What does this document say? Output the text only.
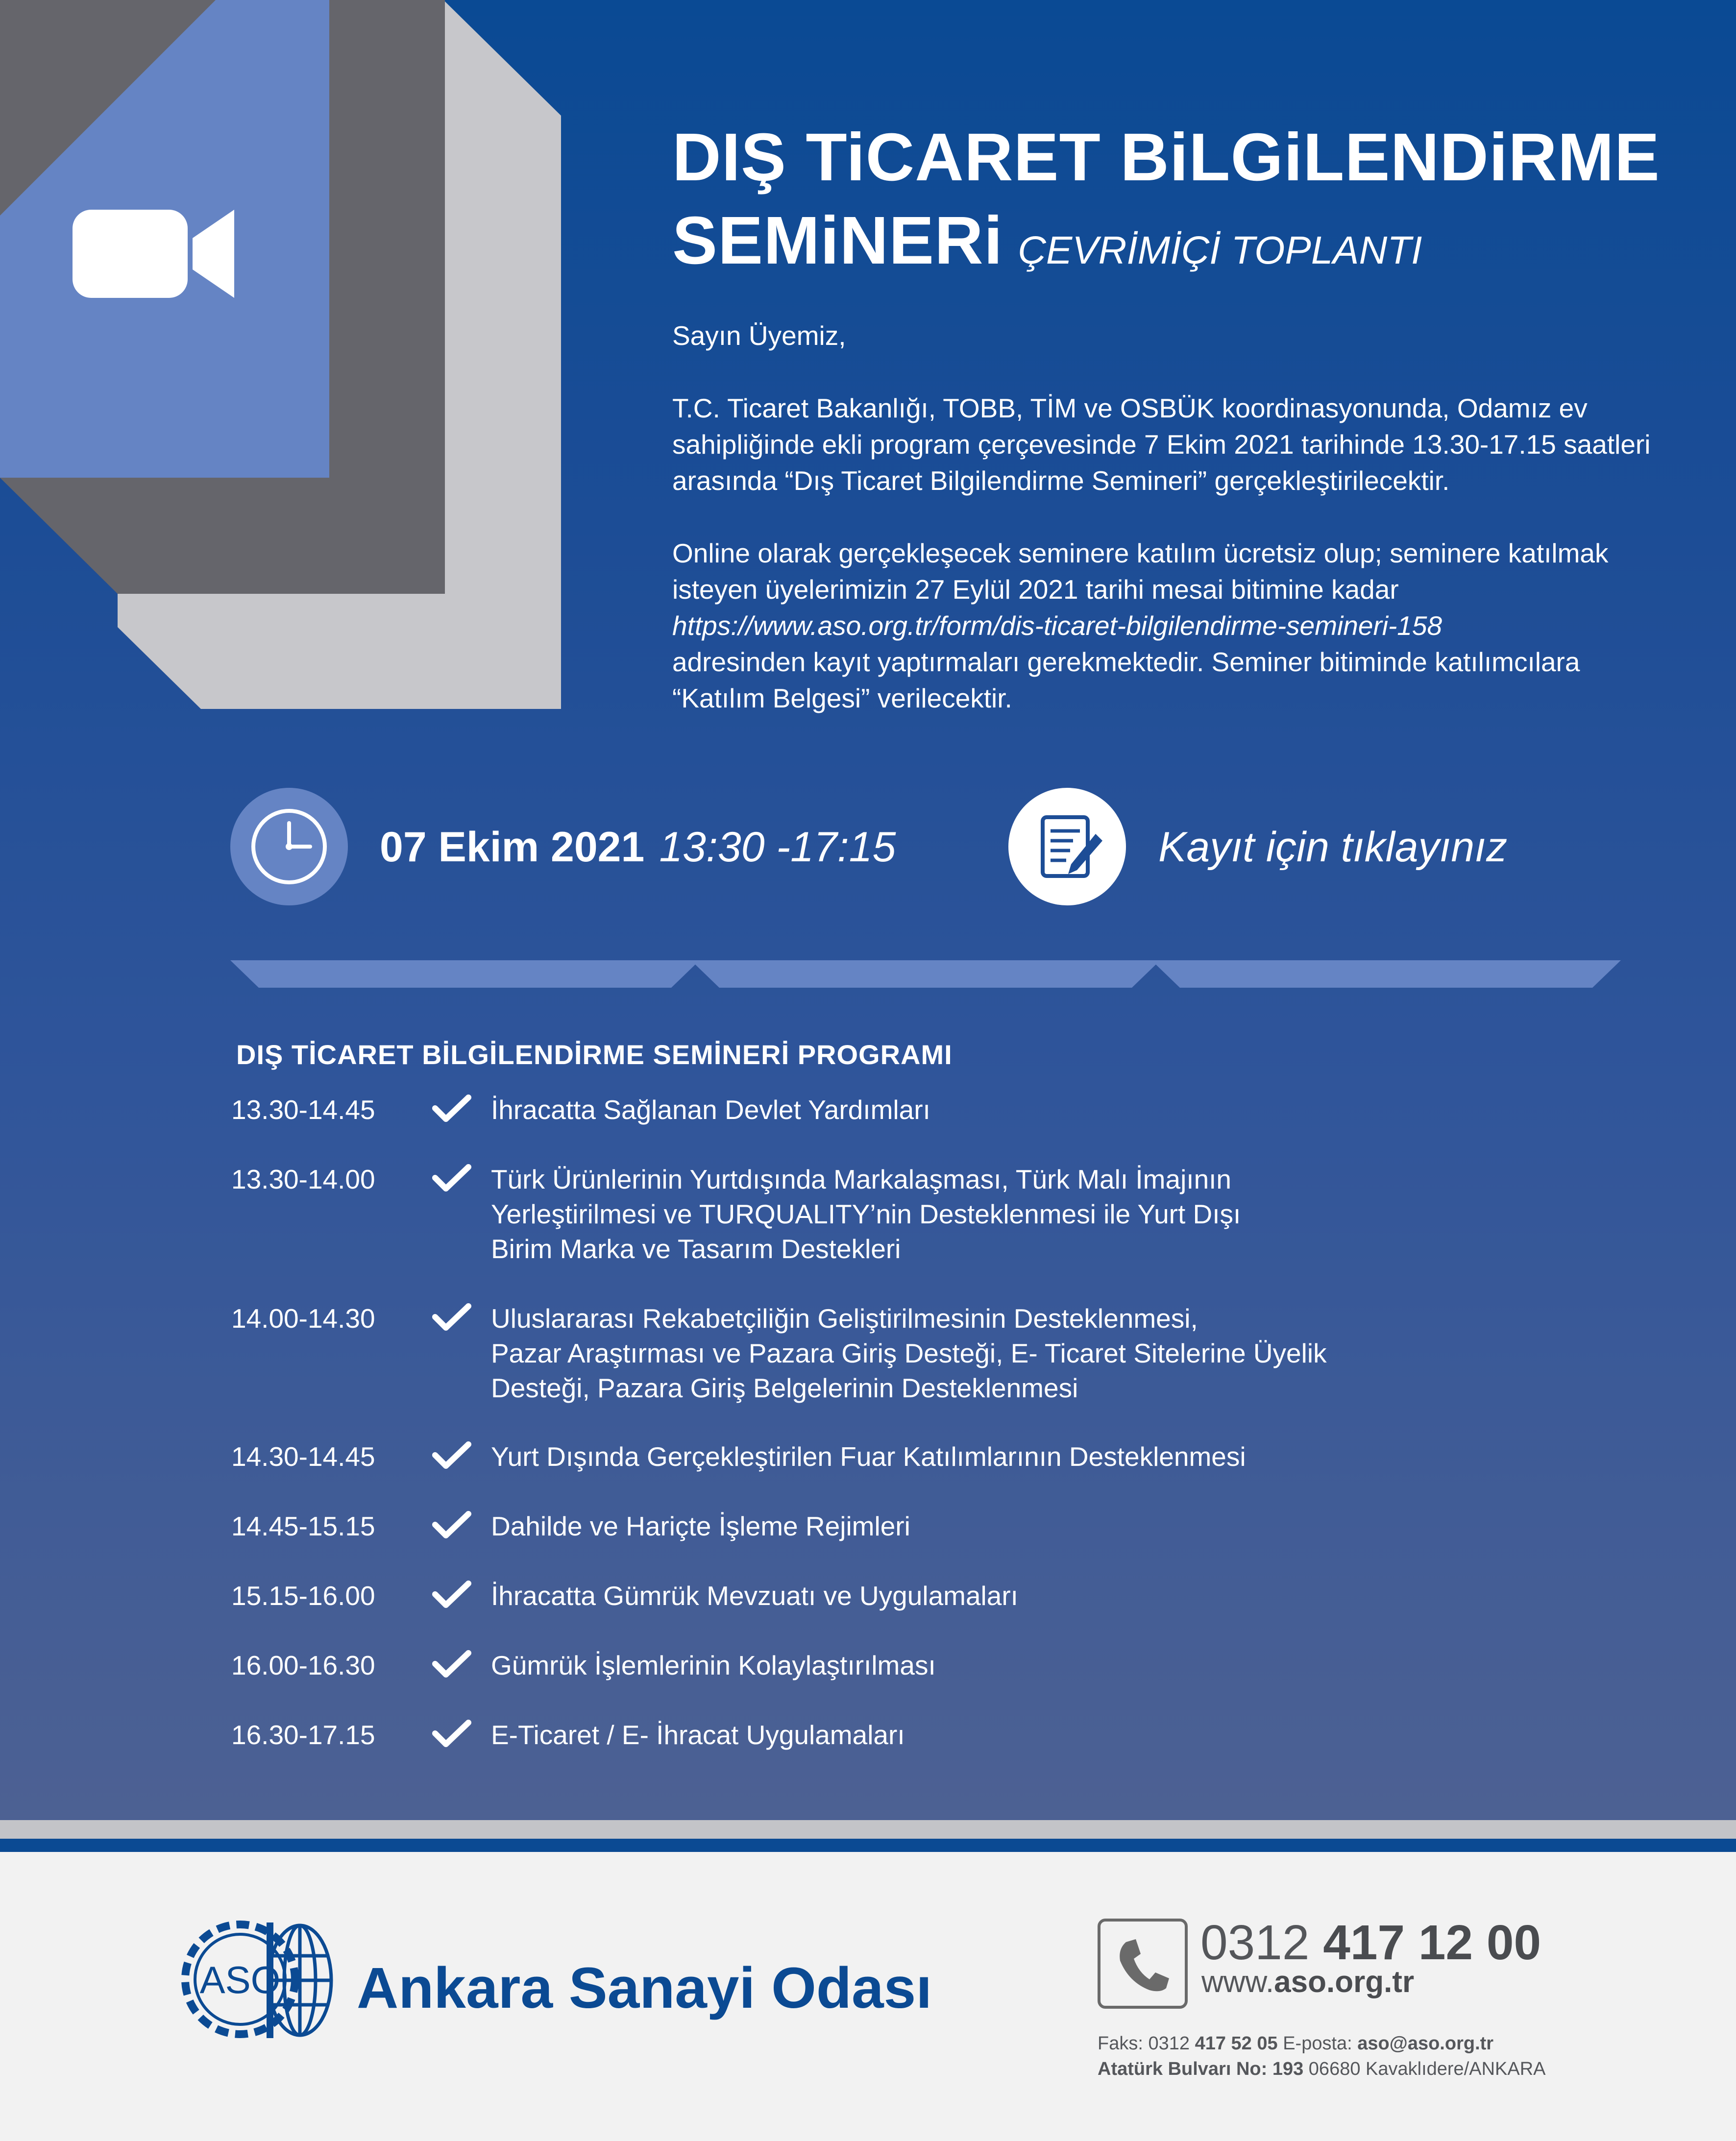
DIŞ TiCARET BiLGiLENDiRME
SEMiNERi ÇEVRİMİÇİ TOPLANTI

Sayın Üyemiz,

T.C. Ticaret Bakanlığı, TOBB, TİM ve OSBÜK koordinasyonunda, Odamız ev sahipliğinde ekli program çerçevesinde 7 Ekim 2021 tarihinde 13.30-17.15 saatleri arasında “Dış Ticaret Bilgilendirme Semineri” gerçekleştirilecektir.

Online olarak gerçekleşecek seminere katılım ücretsiz olup; seminere katılmak isteyen üyelerimizin 27 Eylül 2021 tarihi mesai bitimine kadar
https://www.aso.org.tr/form/dis-ticaret-bilgilendirme-semineri-158
adresinden kayıt yaptırmaları gerekmektedir. Seminer bitiminde katılımcılara “Katılım Belgesi” verilecektir.

07 Ekim 2021 13:30 -17:15	Kayıt için tıklayınız
DIŞ TİCARET BİLGİLENDİRME SEMİNERİ PROGRAMI
13.30-14.45	İhracatta Sağlanan Devlet Yardımları
13.30-14.00	Türk Ürünlerinin Yurtdışında Markalaşması, Türk Malı İmajının
Yerleştirilmesi ve TURQUALITY’nin Desteklenmesi ile Yurt Dışı
Birim Marka ve Tasarım Destekleri
14.00-14.30	Uluslararası Rekabetçiliğin Geliştirilmesinin Desteklenmesi,
Pazar Araştırması ve Pazara Giriş Desteği, E- Ticaret Sitelerine Üyelik
Desteği, Pazara Giriş Belgelerinin Desteklenmesi
14.30-14.45	Yurt Dışında Gerçekleştirilen Fuar Katılımlarının Desteklenmesi
14.45-15.15	Dahilde ve Hariçte İşleme Rejimleri
15.15-16.00	İhracatta Gümrük Mevzuatı ve Uygulamaları
16.00-16.30	Gümrük İşlemlerinin Kolaylaştırılması
16.30-17.15	E-Ticaret / E- İhracat Uygulamaları
ASO Ankara Sanayi Odası
0312 417 12 00
www.aso.org.tr
Faks: 0312 417 52 05 E-posta: aso@aso.org.tr
Atatürk Bulvarı No: 193 06680 Kavaklıdere/ANKARA
